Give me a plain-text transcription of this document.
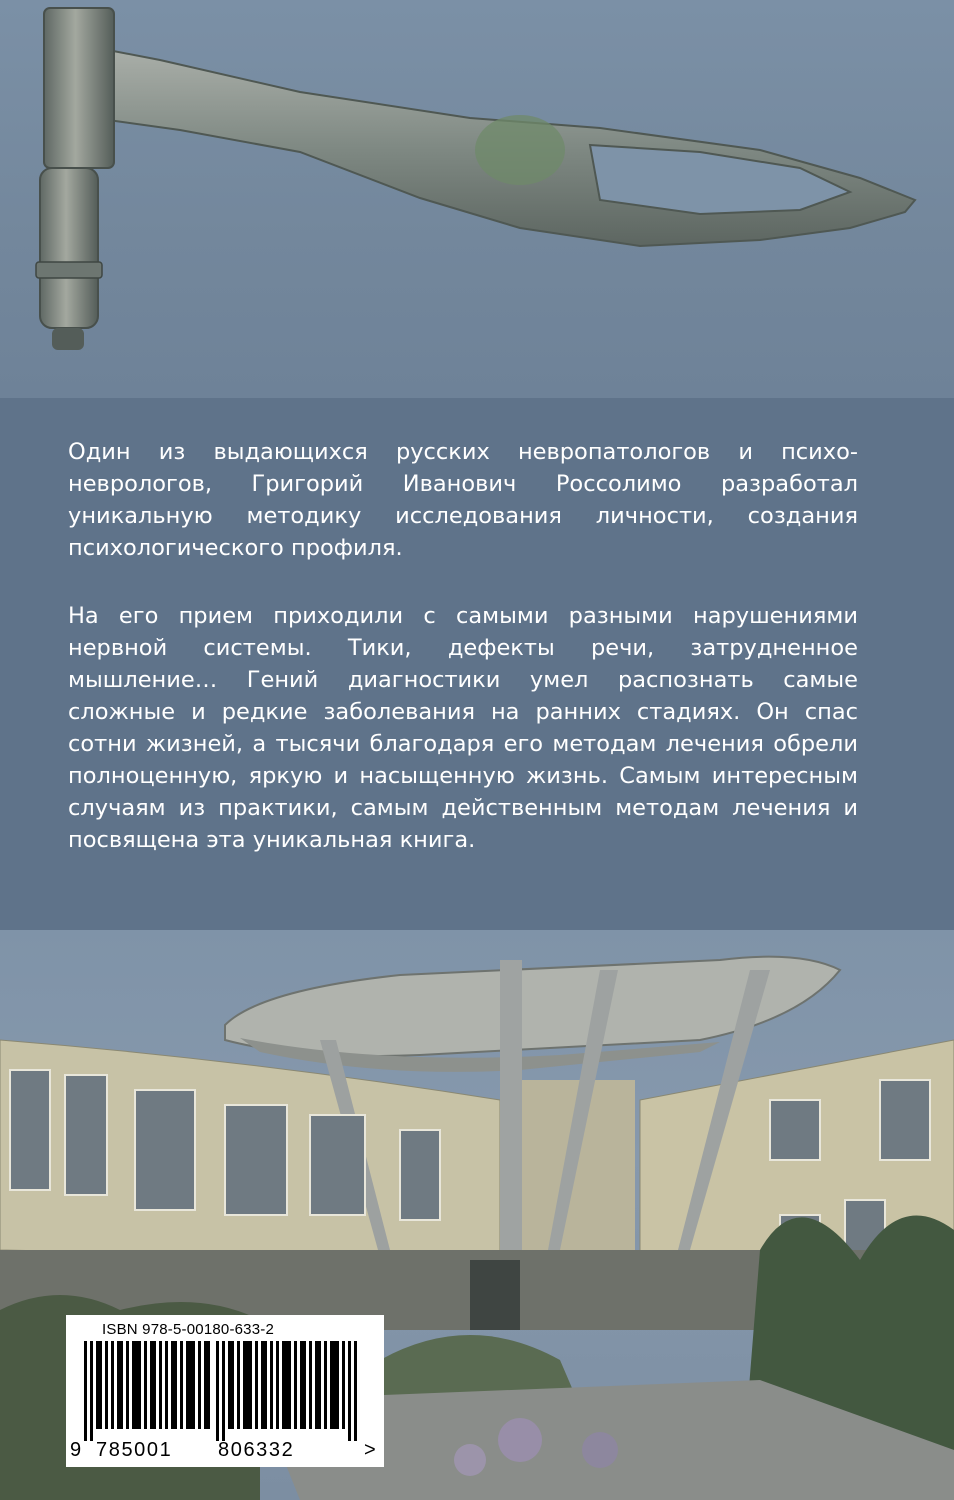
Один из выдающихся русских невропатологов и психоневрологов, Григорий Иванович Россолимо разработал уникальную методику исследования личности, создания психологического профиля.

На его прием приходили с самыми разными нарушениями нервной системы. Тики, дефекты речи, затрудненное мышление… Гений диагностики умел распознать самые сложные и редкие заболевания на ранних стадиях. Он спас сотни жизней, а тысячи благодаря его методам лечения обрели полноценную, яркую и насыщенную жизнь. Самым интересным случаям из практики, самым действенным методам лечения и посвящена эта уникальная книга.

ISBN 978-5-00180-633-2
9 785001 806332	>
